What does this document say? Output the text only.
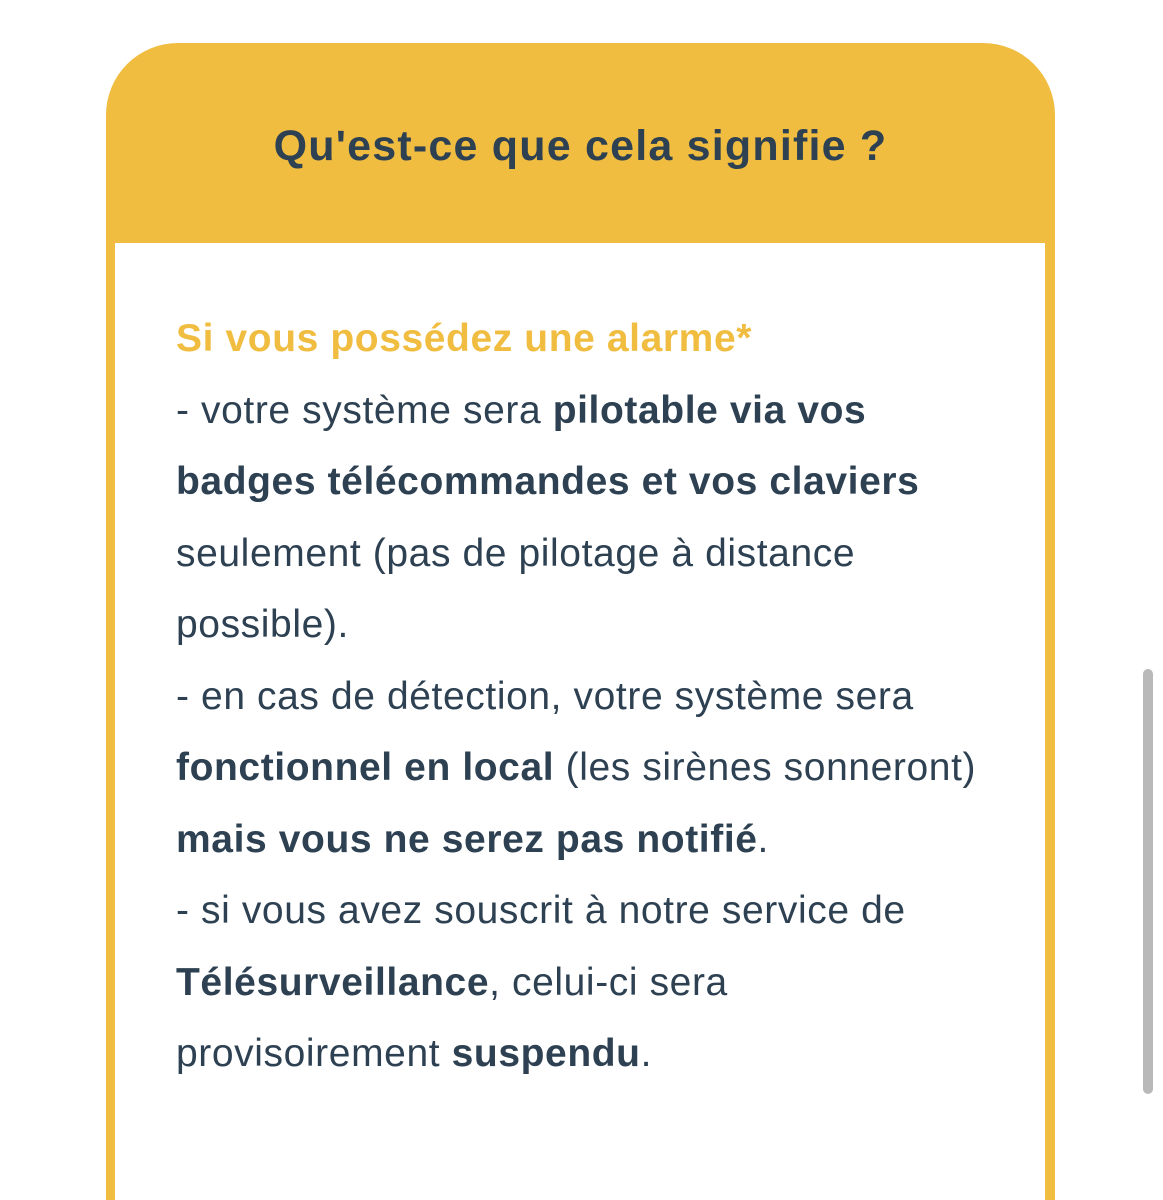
Qu'est-ce que cela signifie ?

Si vous possédez une alarme*

- votre système sera pilotable via vos badges télécommandes et vos claviers seulement (pas de pilotage à distance possible).

- en cas de détection, votre système sera fonctionnel en local (les sirènes sonneront) mais vous ne serez pas notifié.

- si vous avez souscrit à notre service de Télésurveillance, celui-ci sera provisoirement suspendu.
